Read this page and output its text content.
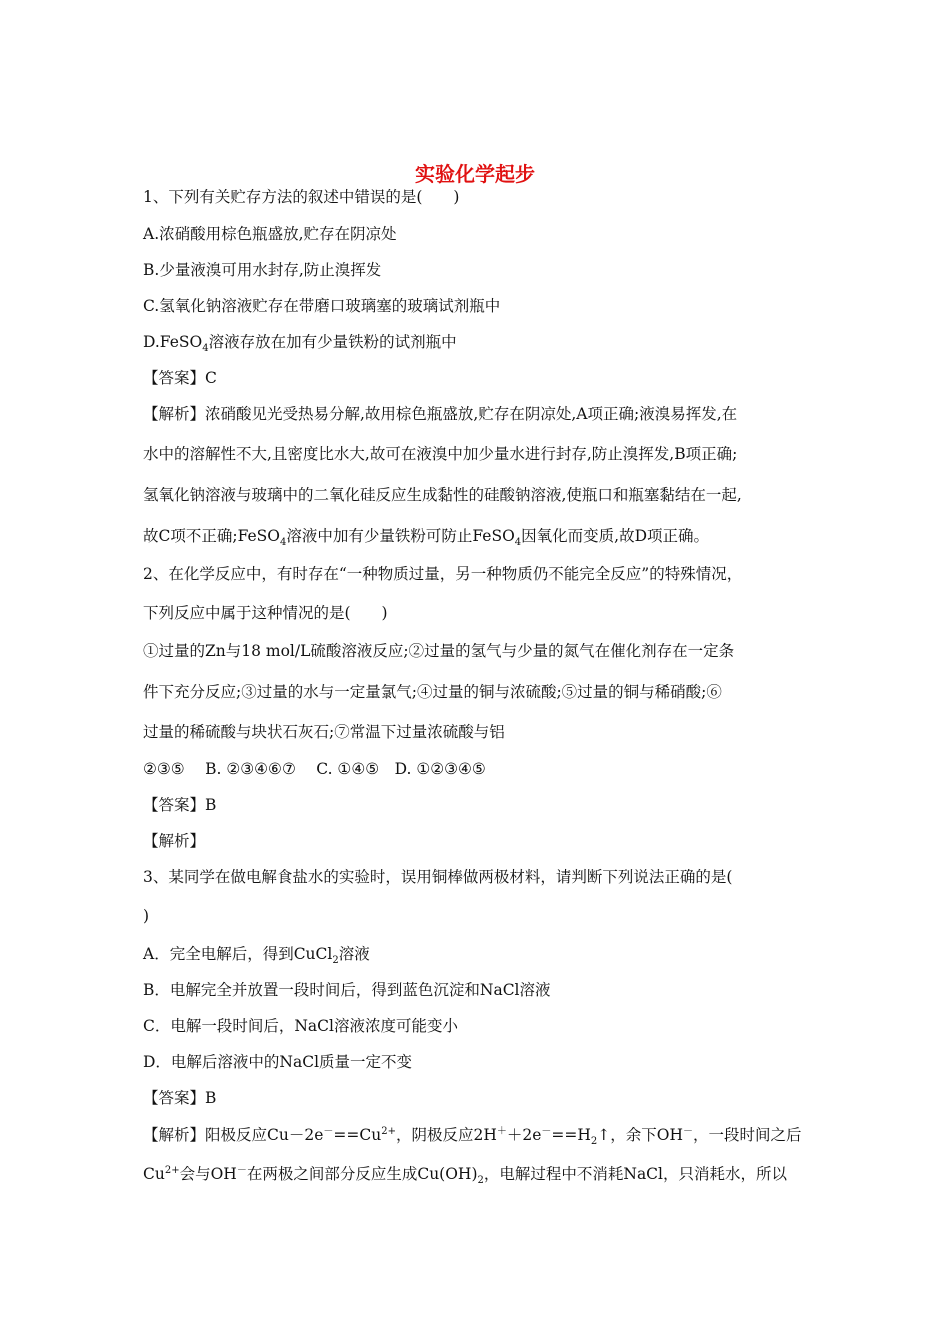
实验化学起步
1、下列有关贮存方法的叙述中错误的是(　　)
A.浓硝酸用棕色瓶盛放,贮存在阴凉处
B.少量液溴可用水封存,防止溴挥发
C.氢氧化钠溶液贮存在带磨口玻璃塞的玻璃试剂瓶中
D.FeSO$_4$溶液存放在加有少量铁粉的试剂瓶中
【答案】C
【解析】浓硝酸见光受热易分解,故用棕色瓶盛放,贮存在阴凉处,A项正确;液溴易挥发,在
水中的溶解性不大,且密度比水大,故可在液溴中加少量水进行封存,防止溴挥发,B项正确;
氢氧化钠溶液与玻璃中的二氧化硅反应生成黏性的硅酸钠溶液,使瓶口和瓶塞黏结在一起,
故C项不正确;FeSO$_4$溶液中加有少量铁粉可防止FeSO$_4$因氧化而变质,故D项正确。
2、在化学反应中，有时存在“一种物质过量，另一种物质仍不能完全反应”的特殊情况，
下列反应中属于这种情况的是(　　)
①过量的Zn与18 mol/L硫酸溶液反应;②过量的氢气与少量的氮气在催化剂存在一定条
件下充分反应;③过量的水与一定量氯气;④过量的铜与浓硫酸;⑤过量的铜与稀硝酸;⑥
过量的稀硫酸与块状石灰石;⑦常温下过量浓硫酸与铝
②③⑤　 B. ②③④⑥⑦　 C. ①④⑤　D. ①②③④⑤
【答案】B
【解析】
3、某同学在做电解食盐水的实验时，误用铜棒做两极材料，请判断下列说法正确的是(
)
A．完全电解后，得到CuCl$_2$溶液
B．电解完全并放置一段时间后，得到蓝色沉淀和NaCl溶液
C．电解一段时间后，NaCl溶液浓度可能变小
D．电解后溶液中的NaCl质量一定不变
【答案】B
【解析】阳极反应$Cu-2e^-==Cu^{2+}$，阴极反应$2H^++2e^-==H_2↑$，余下OH－，一段时间之后
$Cu^{2+}$会与OH－在两极之间部分反应生成$Cu(OH)_2$，电解过程中不消耗NaCl，只消耗水，所以
